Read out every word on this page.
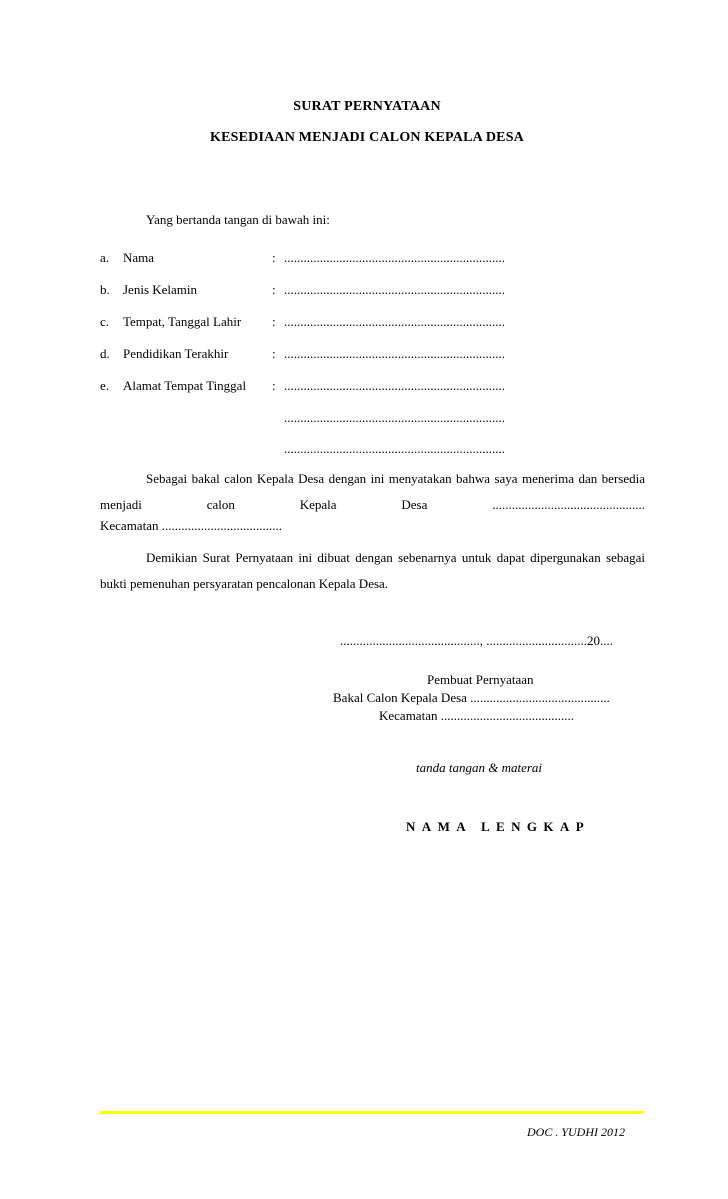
SURAT PERNYATAAN
KESEDIAAN MENJADI CALON KEPALA DESA
Yang bertanda tangan di bawah ini:
a. Nama	: ....................................................................
b. Jenis Kelamin	: ....................................................................
c. Tempat, Tanggal Lahir : ....................................................................
d. Pendidikan Terakhir	: ....................................................................
e. Alamat Tempat Tinggal : ....................................................................
....................................................................
....................................................................
Sebagai bakal calon Kepala Desa dengan ini menyatakan bahwa saya menerima dan bersedia menjadi calon Kepala Desa ...............................................
Kecamatan .....................................
Demikian Surat Pernyataan ini dibuat dengan sebenarnya untuk dapat dipergunakan sebagai bukti pemenuhan persyaratan pencalonan Kepala Desa.
..........................................., ...............................20....
Pembuat Pernyataan
Bakal Calon Kepala Desa ...........................................
Kecamatan .........................................
tanda tangan & materai
NAMA LENGKAP
DOC . YUDHI 2012
